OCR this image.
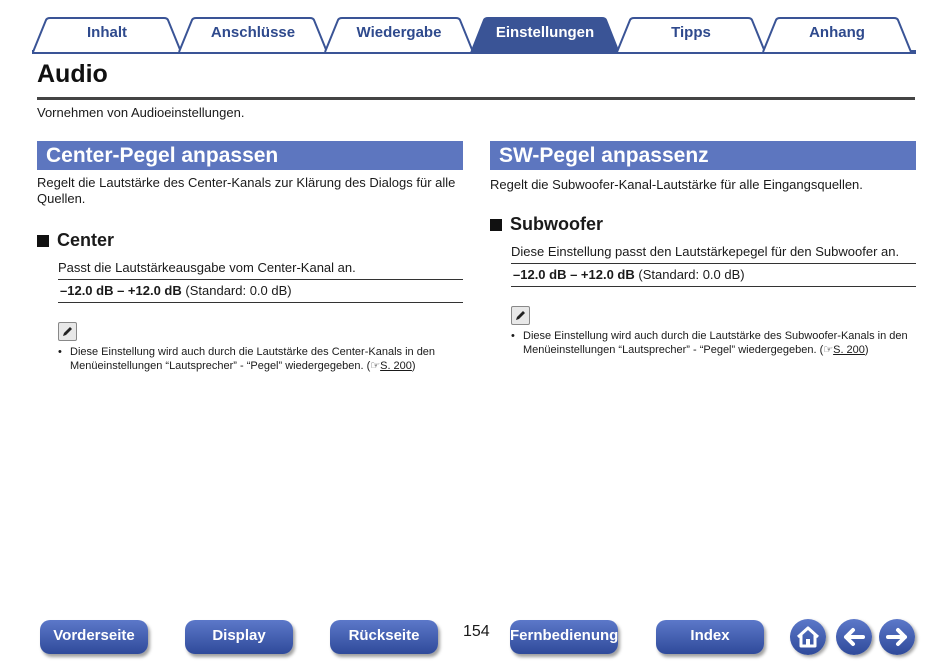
Inhalt	Anschlüsse	Wiedergabe	Einstellungen	Tipps	Anhang
Audio
Vornehmen von Audioeinstellungen.
Center-Pegel anpassen
Regelt die Lautstärke des Center-Kanals zur Klärung des Dialogs für alle Quellen.
Center
Passt die Lautstärkeausgabe vom Center-Kanal an.
–12.0 dB – +12.0 dB (Standard: 0.0 dB)
• Diese Einstellung wird auch durch die Lautstärke des Center-Kanals in den Menüeinstellungen “Lautsprecher” - “Pegel” wiedergegeben. (☞S. 200)
SW-Pegel anpassenz
Regelt die Subwoofer-Kanal-Lautstärke für alle Eingangsquellen.
Subwoofer
Diese Einstellung passt den Lautstärkepegel für den Subwoofer an.
–12.0 dB – +12.0 dB (Standard: 0.0 dB)
• Diese Einstellung wird auch durch die Lautstärke des Subwoofer-Kanals in den Menüeinstellungen “Lautsprecher” - “Pegel” wiedergegeben. (☞S. 200)
Vorderseite	Display	Rückseite	154 Fernbedienung	Index
